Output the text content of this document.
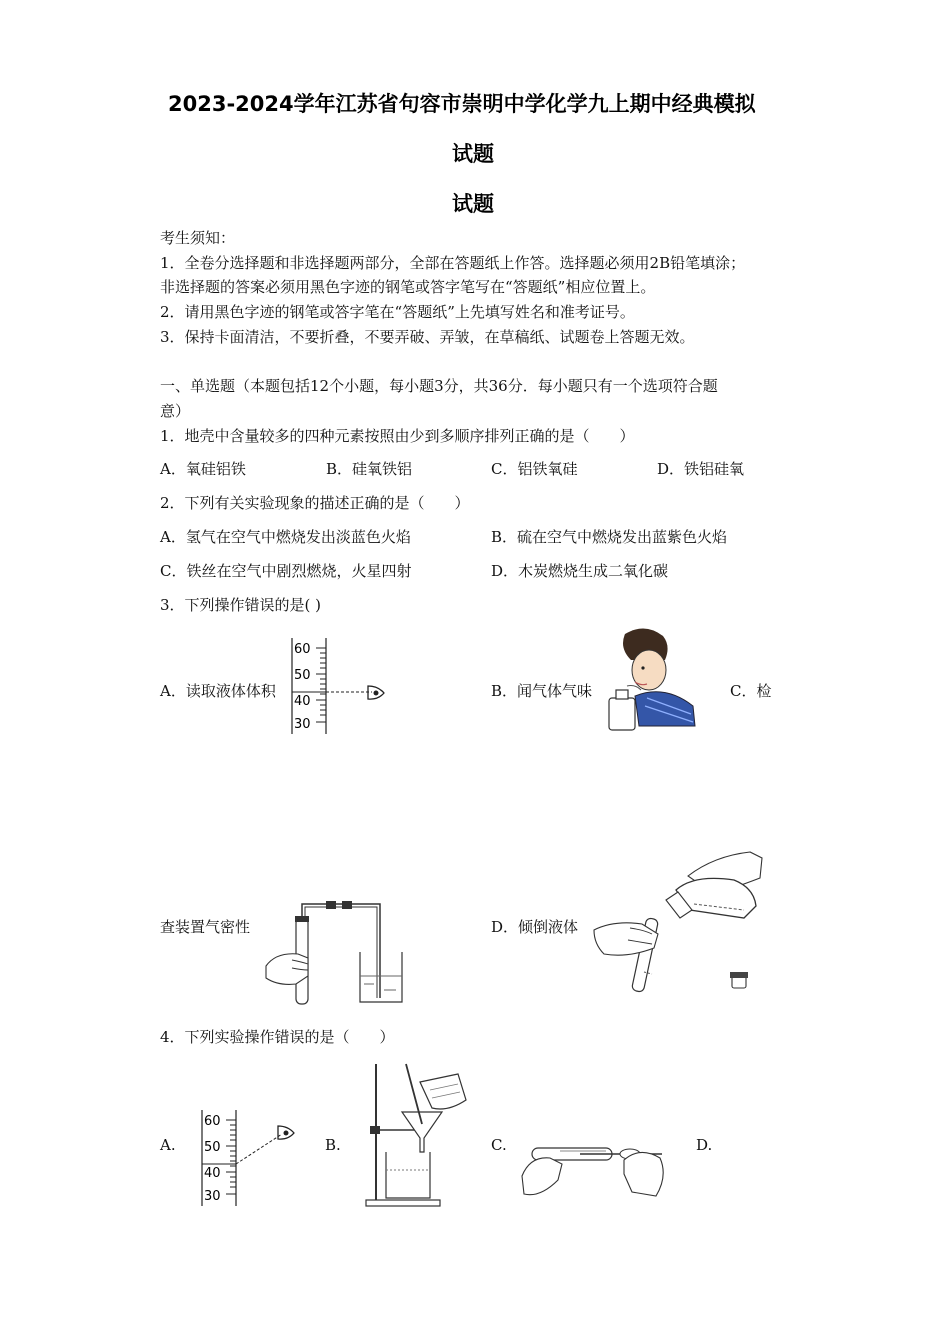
2023-2024学年江苏省句容市崇明中学化学九上期中经典模拟
试题
试题
考生须知：
1．全卷分选择题和非选择题两部分，全部在答题纸上作答。选择题必须用2B铅笔填涂；
非选择题的答案必须用黑色字迹的钢笔或答字笔写在“答题纸”相应位置上。
2．请用黑色字迹的钢笔或答字笔在“答题纸”上先填写姓名和准考证号。
3．保持卡面清洁，不要折叠，不要弄破、弄皱，在草稿纸、试题卷上答题无效。
一、单选题（本题包括12个小题，每小题3分，共36分．每小题只有一个选项符合题
意）
1．地壳中含量较多的四种元素按照由少到多顺序排列正确的是（　　）
A．氧硅铝铁	B．硅氧铁铝	C．铝铁氧硅	D．铁铝硅氧
2．下列有关实验现象的描述正确的是（　　）
A．氢气在空气中燃烧发出淡蓝色火焰	B．硫在空气中燃烧发出蓝紫色火焰
C．铁丝在空气中剧烈燃烧，火星四射	D．木炭燃烧生成二氧化碳
3．下列操作错误的是( )
A．读取液体体积
60
50
40
30
B．闻气体气味	C．检
查装置气密性	D．倾倒液体
4．下列实验操作错误的是（　　）
A.
60
50
40
30
B.	C.	D.
